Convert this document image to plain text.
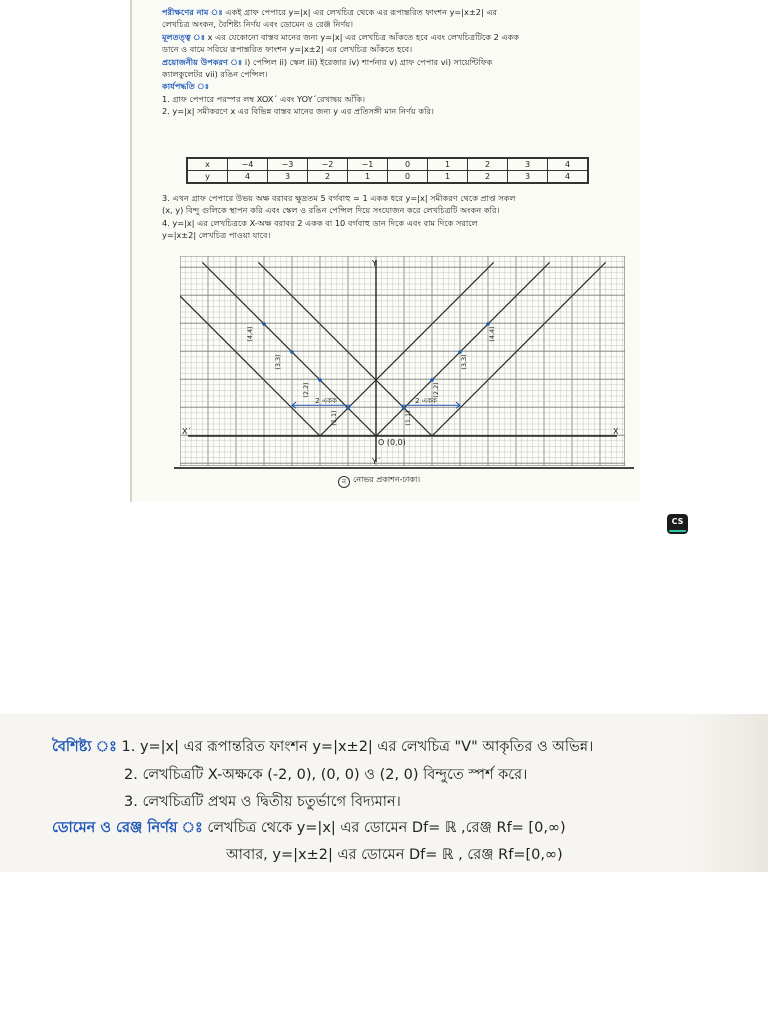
পরীক্ষণের নাম ঃ একই গ্রাফ পেপারে y=|x| এর লেখচিত্র থেকে এর রূপান্তরিত ফাংশন y=|x±2| এর
লেখচিত্র অংকন, বৈশিষ্ট্য নির্ণয় এবং ডোমেন ও রেঞ্জ নির্ণয়।
মূলতত্ত্ব ঃ x এর যেকোনো বাস্তব মানের জন্য y=|x| এর লেখচিত্র আঁকতে হবে এবং লেখচিত্রটিকে 2 একক
ডানে ও বামে সরিয়ে রূপান্তরিত ফাংশন y=|x±2| এর লেখচিত্র আঁকতে হবে।
প্রয়োজনীয় উপকরণ ঃ i) পেন্সিল ii) স্কেল iii) ইরেজার iv) শার্পনার v) গ্রাফ পেপার vi) সায়েন্টিফিক
ক্যালকুলেটর vii) রঙিন পেন্সিল।
কার্যপদ্ধতি ঃ
1. গ্রাফ পেপারে পরস্পর লম্ব XOX´ এবং YOY´রেখাদ্বয় আঁকি।
2. y=|x| সমীকরণে x এর বিভিন্ন বাস্তব মানের জন্য y এর প্রতিসঙ্গী মান নির্ণয় করি।
x	−4	−3	−2	−1	0	1	2	3	4
y	4	3	2	1	0	1	2	3	4
3. এখন গ্রাফ পেপারে উভয় অক্ষ বরাবর ক্ষুদ্রতম 5 বর্গবাহু = 1 একক ধরে y=|x| সমীকরণ থেকে প্রাপ্ত সকল
(x, y) বিন্দু গুলিকে স্থাপন করি এবং স্কেল ও রঙিন পেন্সিল দিয়ে সংযোজন করে লেখচিত্রটি অংকন করি।
4. y=|x| এর লেখচিত্রকে X-অক্ষ বরাবর 2 একক বা 10 বর্গবাহু ডান দিকে এবং বাম দিকে সরালে
y=|x±2| লেখচিত্র পাওয়া যাবে।
X
X´
Y
Y´
O (0,0)
(4,4)
(3,3)
(2,2)
(1,1)	(1,1)
(2,2)
(3,3)
(4,4)
2 একক	2 একক
ন নোভর প্রকাশন-ঢাকা।
CS
বৈশিষ্ট্য ঃ 1. y=|x| এর রূপান্তরিত ফাংশন y=|x±2| এর লেখচিত্র "V" আকৃতির ও অভিন্ন।
2. লেখচিত্রটি X-অক্ষকে (-2, 0), (0, 0) ও (2, 0) বিন্দুতে স্পর্শ করে।
3. লেখচিত্রটি প্রথম ও দ্বিতীয় চতুর্ভাগে বিদ্যমান।
ডোমেন ও রেঞ্জ নির্ণয় ঃ লেখচিত্র থেকে y=|x| এর ডোমেন Df= ℝ ,রেঞ্জ Rf= [0,∞)
আবার, y=|x±2| এর ডোমেন Df= ℝ , রেঞ্জ Rf=[0,∞)
